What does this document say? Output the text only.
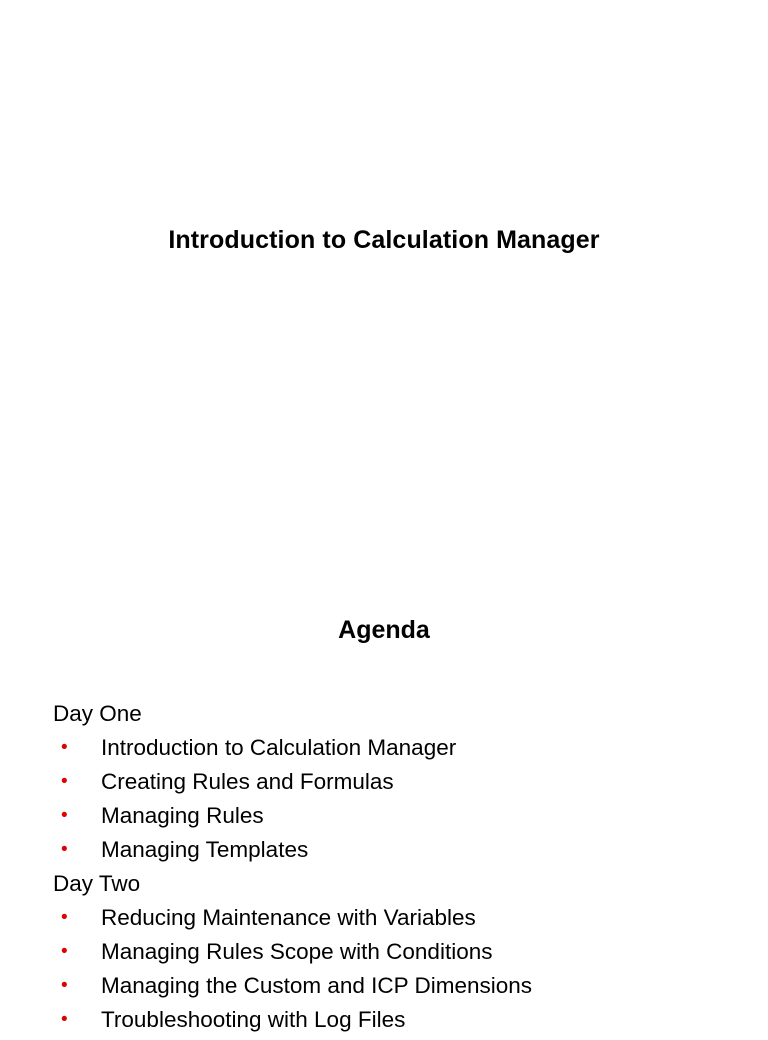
Introduction to Calculation Manager
Agenda
Day One
• Introduction to Calculation Manager
• Creating Rules and Formulas
• Managing Rules
• Managing Templates
Day Two
• Reducing Maintenance with Variables
• Managing Rules Scope with Conditions
• Managing the Custom and ICP Dimensions
• Troubleshooting with Log Files
